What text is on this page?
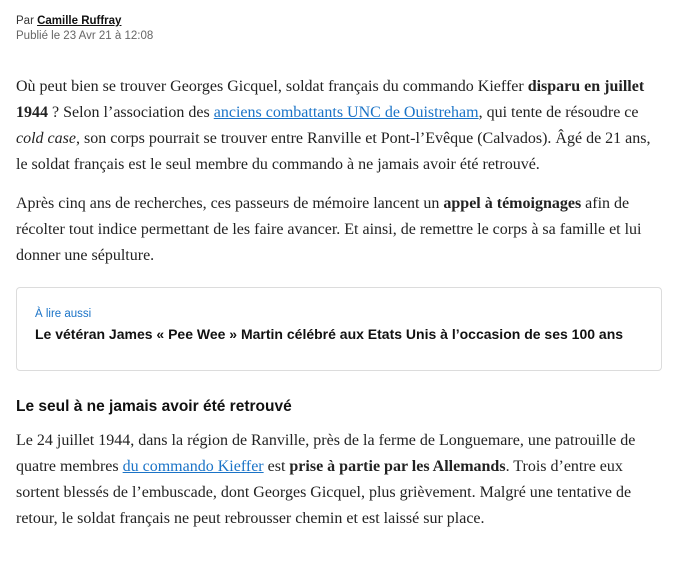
Par Camille Ruffray
Publié le 23 Avr 21 à 12:08

Où peut bien se trouver Georges Gicquel, soldat français du commando Kieffer disparu en juillet 1944 ? Selon l’association des anciens combattants UNC de Ouistreham, qui tente de résoudre ce cold case, son corps pourrait se trouver entre Ranville et Pont-l’Evêque (Calvados). Âgé de 21 ans, le soldat français est le seul membre du commando à ne jamais avoir été retrouvé.

Après cinq ans de recherches, ces passeurs de mémoire lancent un appel à témoignages afin de récolter tout indice permettant de les faire avancer. Et ainsi, de remettre le corps à sa famille et lui donner une sépulture.

À lire aussi
Le vétéran James « Pee Wee » Martin célébré aux Etats Unis à l’occasion de ses 100 ans
Le seul à ne jamais avoir été retrouvé

Le 24 juillet 1944, dans la région de Ranville, près de la ferme de Longuemare, une patrouille de quatre membres du commando Kieffer est prise à partie par les Allemands. Trois d’entre eux sortent blessés de l’embuscade, dont Georges Gicquel, plus grièvement. Malgré une tentative de retour, le soldat français ne peut rebrousser chemin et est laissé sur place.
